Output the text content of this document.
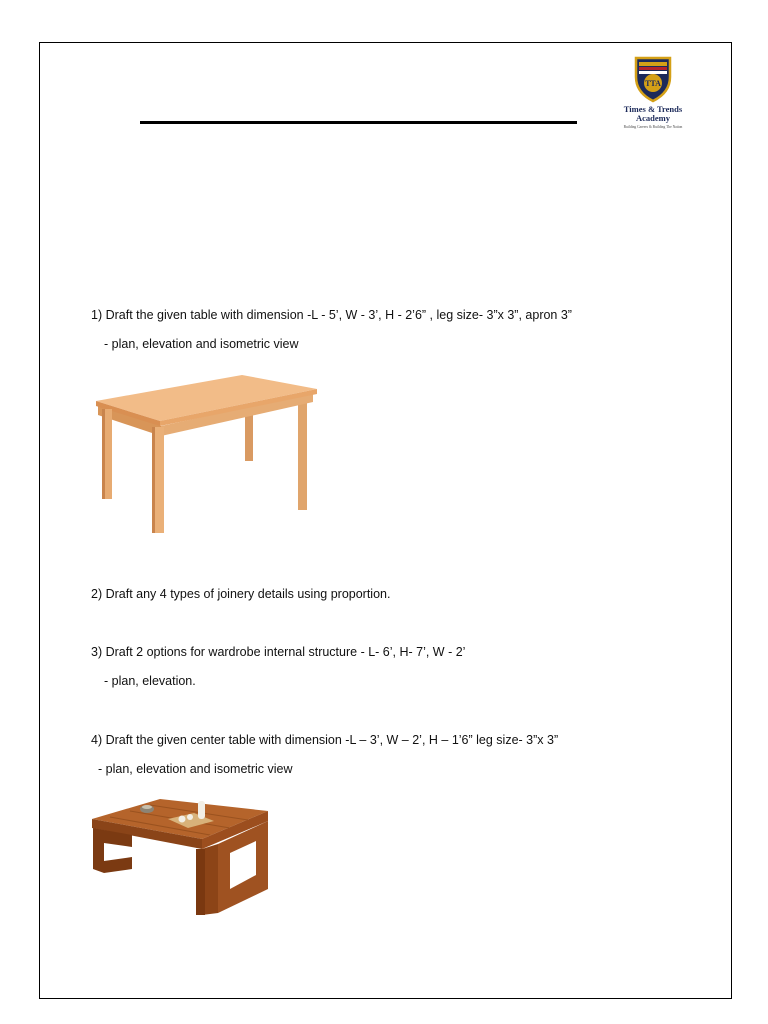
TTA
Times & Trends
Academy
Building Careers & Building The Nation
1) Draft the given table with dimension -L - 5’, W - 3’, H - 2’6” , leg size- 3”x 3”, apron 3”
- plan, elevation and isometric view
2) Draft any 4 types of joinery details using proportion.
3) Draft 2 options for wardrobe internal structure - L- 6’, H- 7’, W - 2’
- plan, elevation.
4) Draft the given center table with dimension -L – 3’, W – 2’, H – 1’6” leg size- 3”x 3”
- plan, elevation and isometric view
